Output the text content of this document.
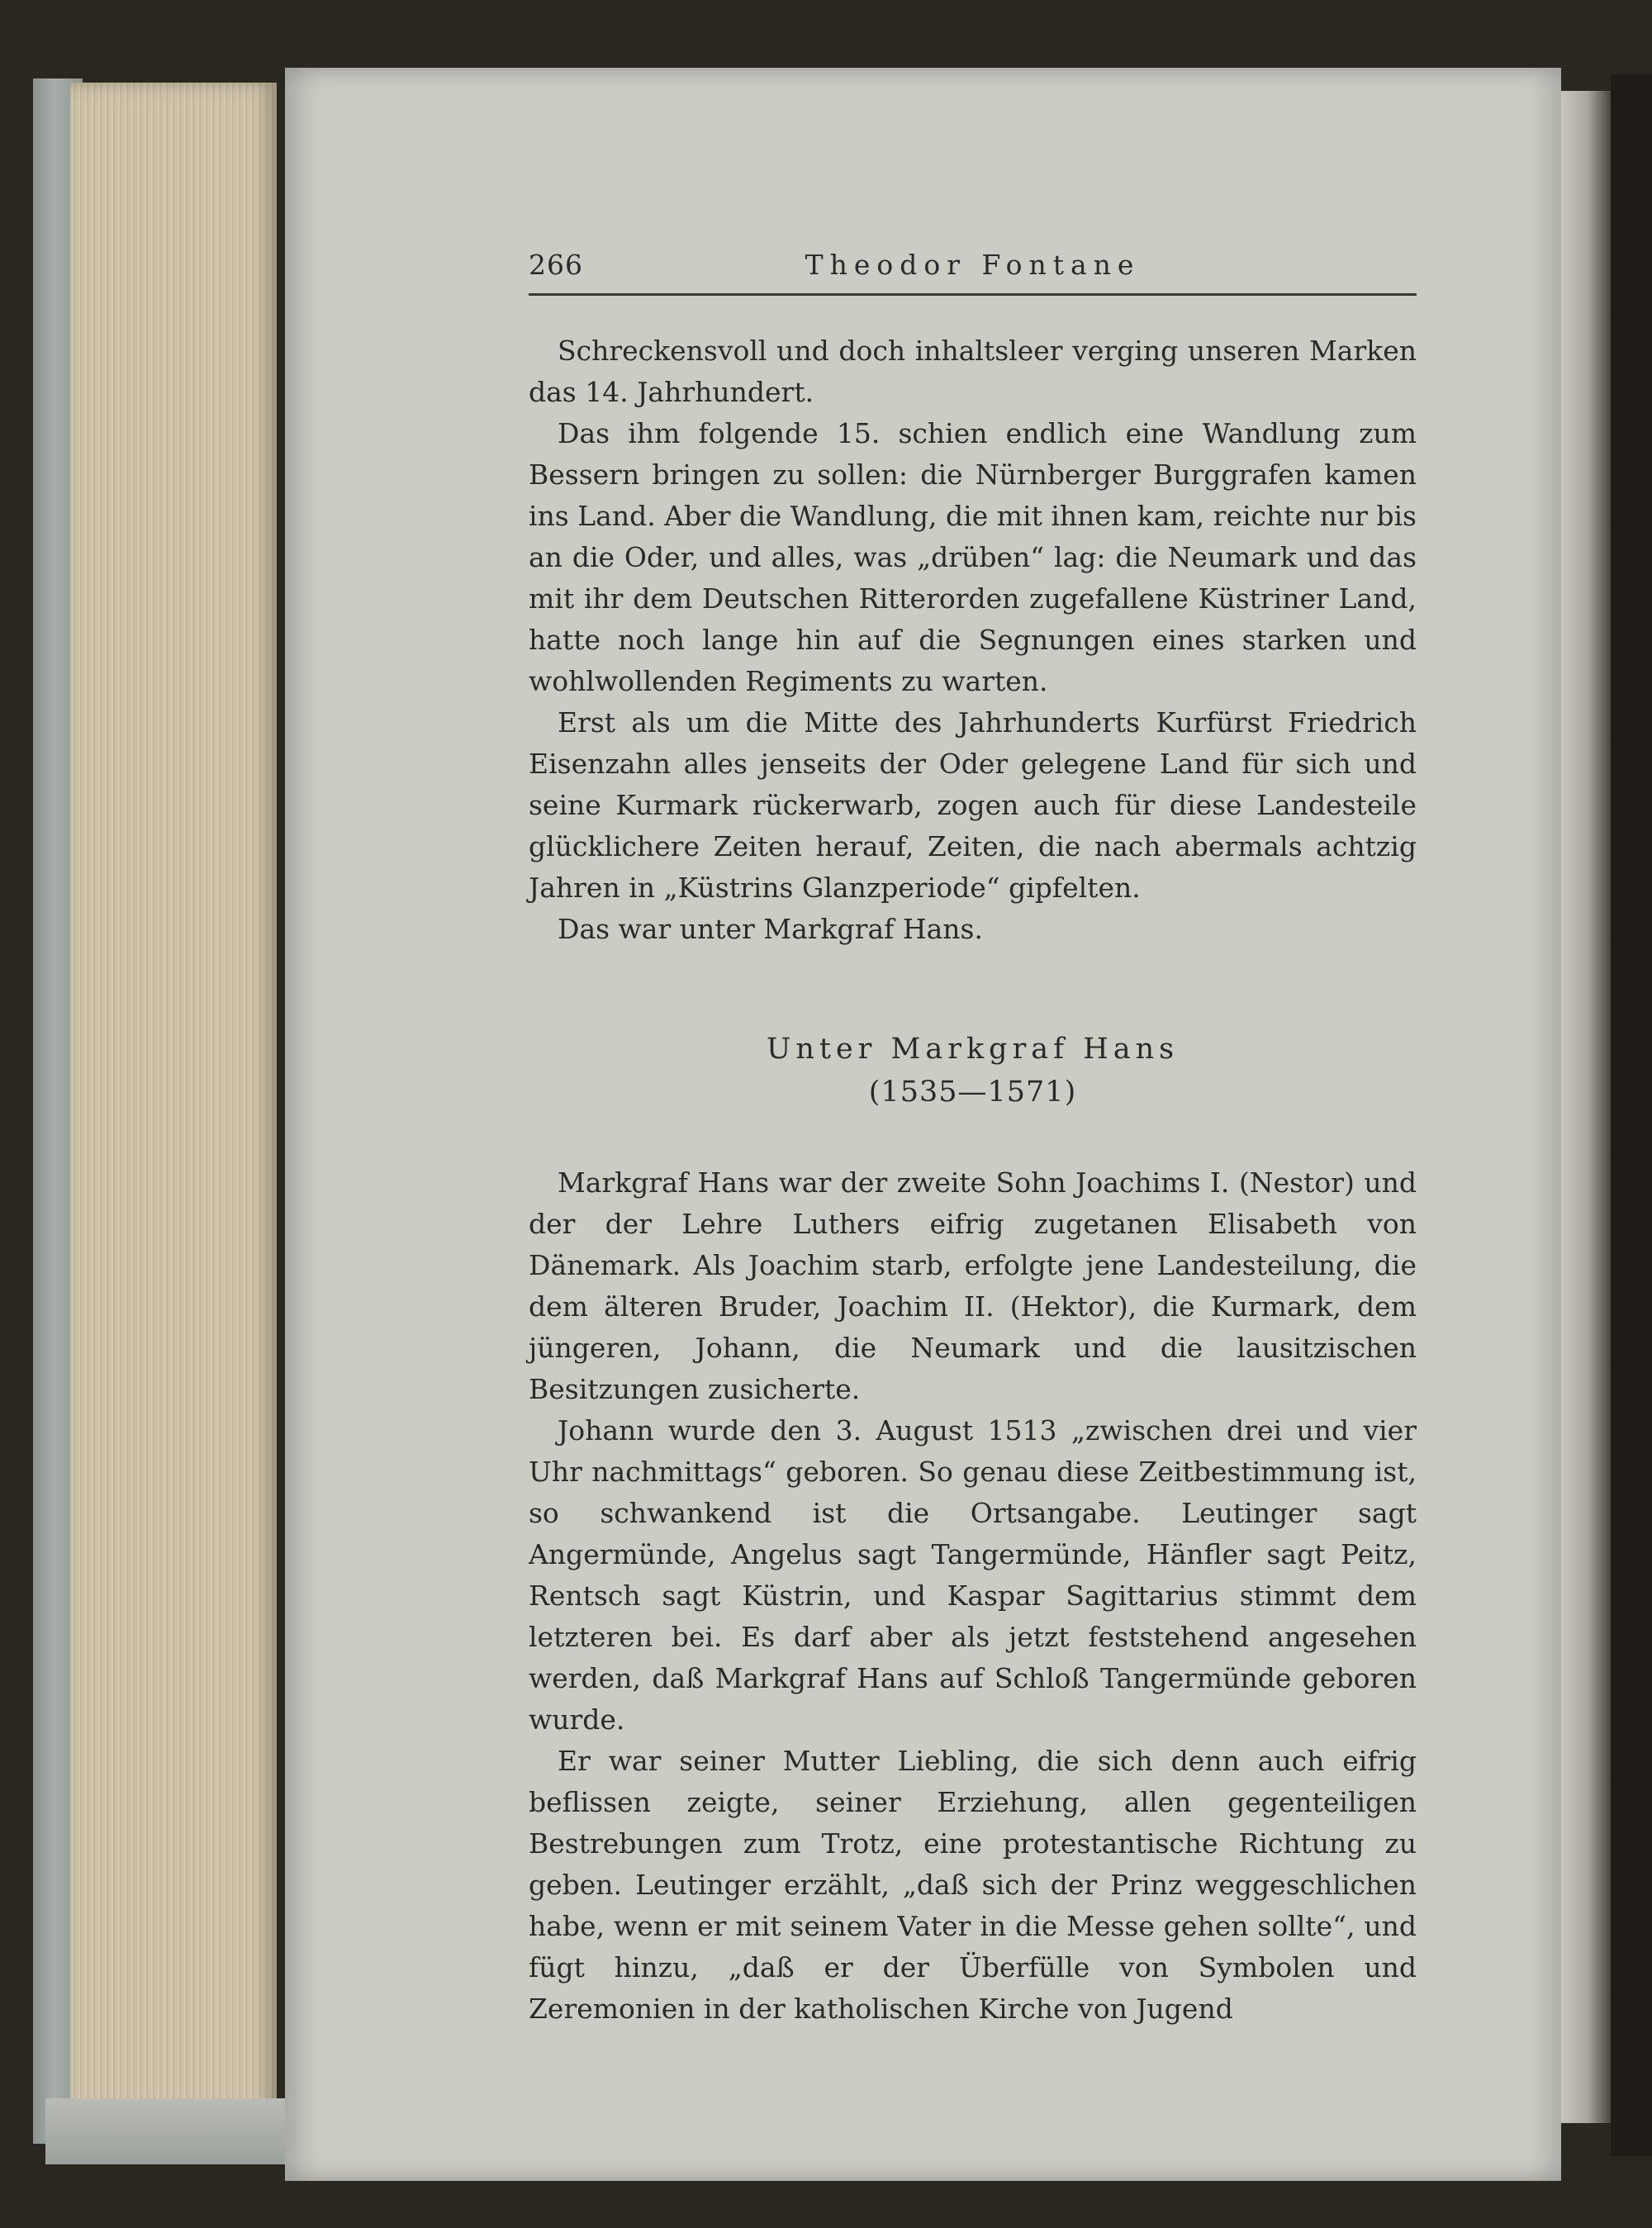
266	Theodor Fontane

Schreckensvoll und doch inhaltsleer verging unseren Marken das 14. Jahrhundert.

Das ihm folgende 15. schien endlich eine Wandlung zum Bessern bringen zu sollen: die Nürnberger Burggrafen kamen ins Land. Aber die Wandlung, die mit ihnen kam, reichte nur bis an die Oder, und alles, was „drüben“ lag: die Neumark und das mit ihr dem Deutschen Ritterorden zugefallene Küstriner Land, hatte noch lange hin auf die Segnungen eines starken und wohlwollenden Regiments zu warten.

Erst als um die Mitte des Jahrhunderts Kurfürst Friedrich Eisenzahn alles jenseits der Oder gelegene Land für sich und seine Kurmark rückerwarb, zogen auch für diese Landesteile glücklichere Zeiten herauf, Zeiten, die nach abermals achtzig Jahren in „Küstrins Glanzperiode“ gipfelten.

Das war unter Markgraf Hans.

Unter Markgraf Hans
(1535—1571)

Markgraf Hans war der zweite Sohn Joachims I. (Nestor) und der der Lehre Luthers eifrig zugetanen Elisabeth von Dänemark. Als Joachim starb, erfolgte jene Landesteilung, die dem älteren Bruder, Joachim II. (Hektor), die Kurmark, dem jüngeren, Johann, die Neumark und die lausitzischen Besitzungen zusicherte.

Johann wurde den 3. August 1513 „zwischen drei und vier Uhr nachmittags“ geboren. So genau diese Zeitbestimmung ist, so schwankend ist die Ortsangabe. Leutinger sagt Angermünde, Angelus sagt Tangermünde, Hänfler sagt Peitz, Rentsch sagt Küstrin, und Kaspar Sagittarius stimmt dem letzteren bei. Es darf aber als jetzt feststehend angesehen werden, daß Markgraf Hans auf Schloß Tangermünde geboren wurde.

Er war seiner Mutter Liebling, die sich denn auch eifrig beflissen zeigte, seiner Erziehung, allen gegenteiligen Bestrebungen zum Trotz, eine protestantische Richtung zu geben. Leutinger erzählt, „daß sich der Prinz weggeschlichen habe, wenn er mit seinem Vater in die Messe gehen sollte“, und fügt hinzu, „daß er der Überfülle von Symbolen und Zeremonien in der katholischen Kirche von Jugend
